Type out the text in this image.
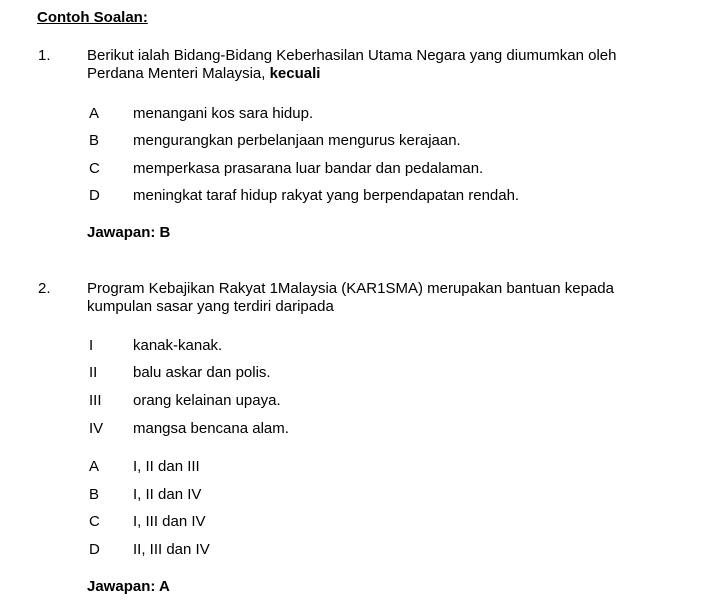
Contoh Soalan:
1. Berikut ialah Bidang-Bidang Keberhasilan Utama Negara yang diumumkan oleh
Perdana Menteri Malaysia, kecuali
A	menangani kos sara hidup.
B	mengurangkan perbelanjaan mengurus kerajaan.
C	memperkasa prasarana luar bandar dan pedalaman.
D	meningkat taraf hidup rakyat yang berpendapatan rendah.
Jawapan: B
2. Program Kebajikan Rakyat 1Malaysia (KAR1SMA) merupakan bantuan kepada
kumpulan sasar yang terdiri daripada
I	kanak-kanak.
II	balu askar dan polis.
III	orang kelainan upaya.
IV	mangsa bencana alam.
A	I, II dan III
B	I, II dan IV
C	I, III dan IV
D	II, III dan IV
Jawapan: A
